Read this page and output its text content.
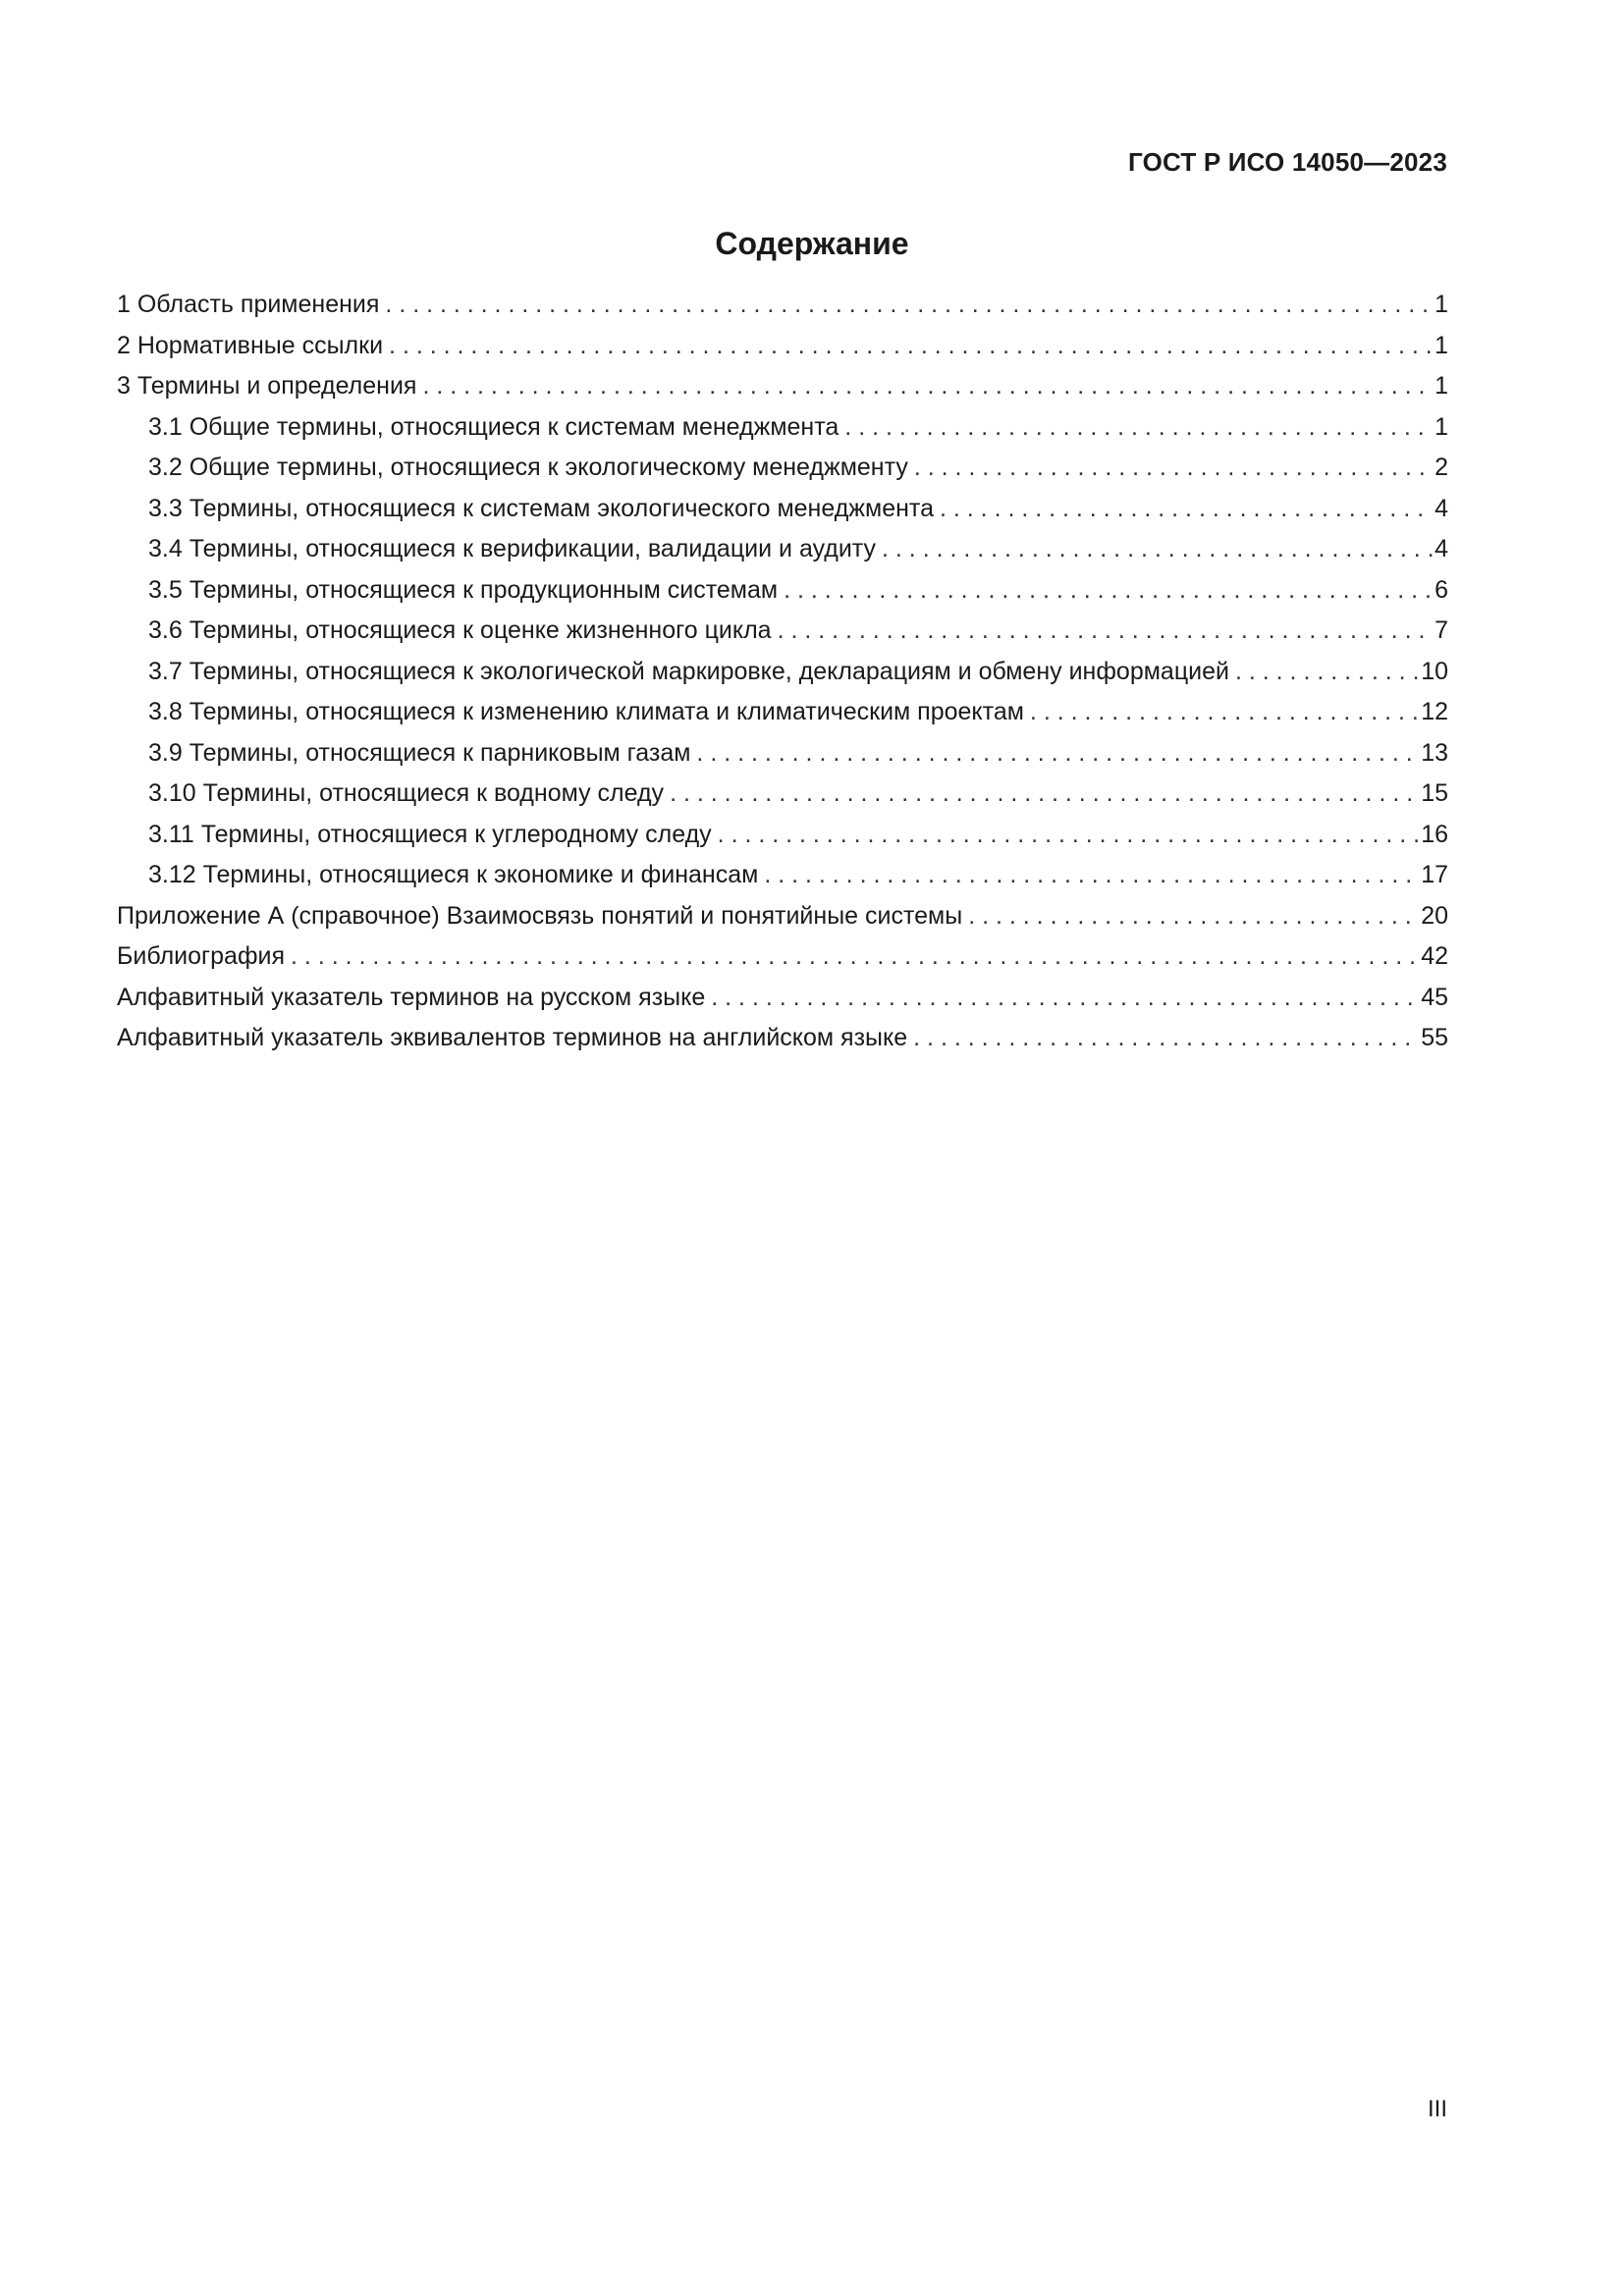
ГОСТ Р ИСО 14050—2023
Содержание
1 Область применения . . .	1
2 Нормативные ссылки . . .	1
3 Термины и определения . . .	1
3.1 Общие термины, относящиеся к системам менеджмента . . .	1
3.2 Общие термины, относящиеся к экологическому менеджменту . . .	2
3.3 Термины, относящиеся к системам экологического менеджмента . . .	4
3.4 Термины, относящиеся к верификации, валидации и аудиту . . .	4
3.5 Термины, относящиеся к продукционным системам . . .	6
3.6 Термины, относящиеся к оценке жизненного цикла . . .	7
3.7 Термины, относящиеся к экологической маркировке, декларациям и обмену информацией . . .	10
3.8 Термины, относящиеся к изменению климата и климатическим проектам . . .	12
3.9 Термины, относящиеся к парниковым газам . . .	13
3.10 Термины, относящиеся к водному следу . . .	15
3.11 Термины, относящиеся к углеродному следу . . .	16
3.12 Термины, относящиеся к экономике и финансам . . .	17
Приложение А (справочное) Взаимосвязь понятий и понятийные системы . . .	20
Библиография . . .	42
Алфавитный указатель терминов на русском языке . . .	45
Алфавитный указатель эквивалентов терминов на английском языке . . .	55
III
